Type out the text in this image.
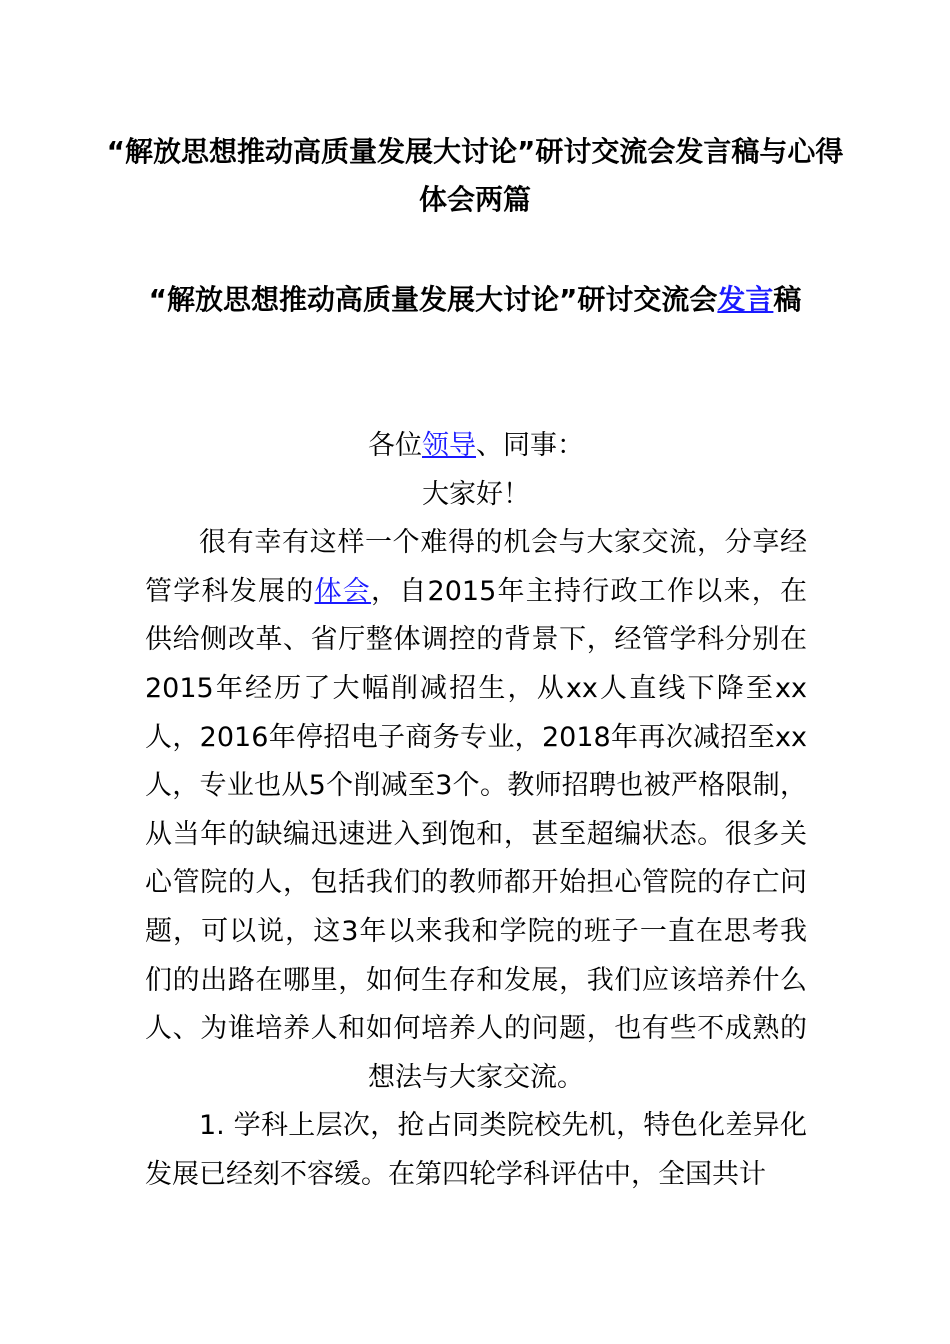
“解放思想推动高质量发展大讨论”研讨交流会发言稿与心得体会两篇
“解放思想推动高质量发展大讨论”研讨交流会发言稿

各位领导、同事：

大家好！

很有幸有这样一个难得的机会与大家交流，分享经管学科发展的体会，自2015年主持行政工作以来，在供给侧改革、省厅整体调控的背景下，经管学科分别在2015年经历了大幅削减招生，从xx人直线下降至xx人，2016年停招电子商务专业，2018年再次减招至xx人，专业也从5个削减至3个。教师招聘也被严格限制，从当年的缺编迅速进入到饱和，甚至超编状态。很多关心管院的人，包括我们的教师都开始担心管院的存亡问题，可以说，这3年以来我和学院的班子一直在思考我们的出路在哪里，如何生存和发展，我们应该培养什么人、为谁培养人和如何培养人的问题，也有些不成熟的想法与大家交流。

1. 学科上层次，抢占同类院校先机，特色化差异化发展已经刻不容缓。在第四轮学科评估中，全国共计
